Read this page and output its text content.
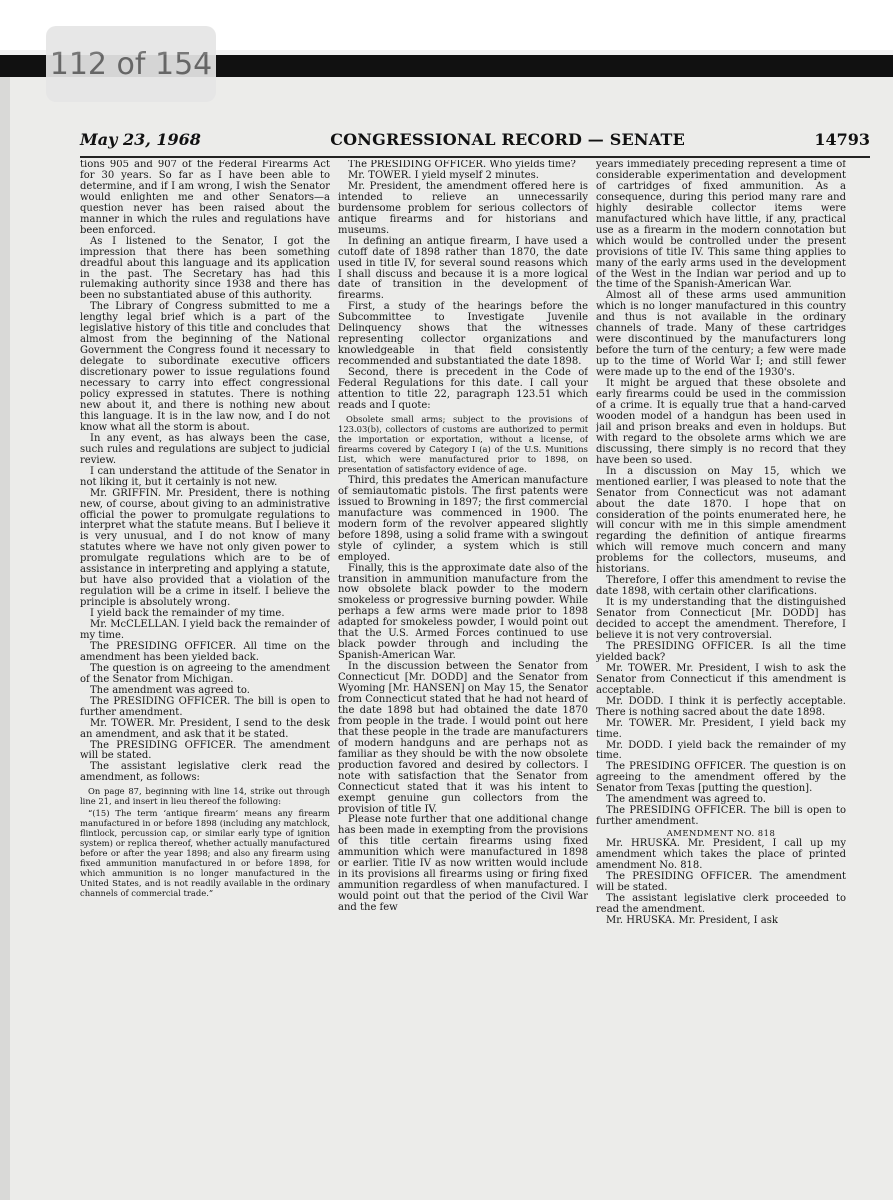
112 of 154
May 23, 1968	CONGRESSIONAL RECORD — SENATE	14793

tions 905 and 907 of the Federal Firearms Act for 30 years. So far as I have been able to determine, and if I am wrong, I wish the Senator would enlighten me and other Senators—a question never has been raised about the manner in which the rules and regulations have been enforced.

As I listened to the Senator, I got the impression that there has been something dreadful about this language and its application in the past. The Secretary has had this rulemaking authority since 1938 and there has been no substantiated abuse of this authority.

The Library of Congress submitted to me a lengthy legal brief which is a part of the legislative history of this title and concludes that almost from the beginning of the National Government the Congress found it necessary to delegate to subordinate executive officers discretionary power to issue regulations found necessary to carry into effect congressional policy expressed in statutes. There is nothing new about it, and there is nothing new about this language. It is in the law now, and I do not know what all the storm is about.

In any event, as has always been the case, such rules and regulations are subject to judicial review.

I can understand the attitude of the Senator in not liking it, but it certainly is not new.

Mr. GRIFFIN. Mr. President, there is nothing new, of course, about giving to an administrative official the power to promulgate regulations to interpret what the statute means. But I believe it is very unusual, and I do not know of many statutes where we have not only given power to promulgate regulations which are to be of assistance in interpreting and applying a statute, but have also provided that a violation of the regulation will be a crime in itself. I believe the principle is absolutely wrong.

I yield back the remainder of my time.

Mr. McCLELLAN. I yield back the remainder of my time.

The PRESIDING OFFICER. All time on the amendment has been yielded back.

The question is on agreeing to the amendment of the Senator from Michigan.

The amendment was agreed to.

The PRESIDING OFFICER. The bill is open to further amendment.

Mr. TOWER. Mr. President, I send to the desk an amendment, and ask that it be stated.

The PRESIDING OFFICER. The amendment will be stated.

The assistant legislative clerk read the amendment, as follows:

On page 87, beginning with line 14, strike out through line 21, and insert in lieu thereof the following:

“(15) The term ‘antique firearm’ means any firearm manufactured in or before 1898 (including any matchlock, flintlock, percussion cap, or similar early type of ignition system) or replica thereof, whether actually manufactured before or after the year 1898; and also any firearm using fixed ammunition manufactured in or before 1898, for which ammunition is no longer manufactured in the United States, and is not readily available in the ordinary channels of commercial trade.”

The PRESIDING OFFICER. Who yields time?

Mr. TOWER. I yield myself 2 minutes.

Mr. President, the amendment offered here is intended to relieve an unnecessarily burdensome problem for serious collectors of antique firearms and for historians and museums.

In defining an antique firearm, I have used a cutoff date of 1898 rather than 1870, the date used in title IV, for several sound reasons which I shall discuss and because it is a more logical date of transition in the development of firearms.

First, a study of the hearings before the Subcommittee to Investigate Juvenile Delinquency shows that the witnesses representing collector organizations and knowledgeable in that field consistently recommended and substantiated the date 1898.

Second, there is precedent in the Code of Federal Regulations for this date. I call your attention to title 22, paragraph 123.51 which reads and I quote:

Obsolete small arms; subject to the provisions of 123.03(b), collectors of customs are authorized to permit the importation or exportation, without a license, of firearms covered by Category I (a) of the U.S. Munitions List, which were manufactured prior to 1898, on presentation of satisfactory evidence of age.

Third, this predates the American manufacture of semiautomatic pistols. The first patents were issued to Browning in 1897; the first commercial manufacture was commenced in 1900. The modern form of the revolver appeared slightly before 1898, using a solid frame with a swingout style of cylinder, a system which is still employed.

Finally, this is the approximate date also of the transition in ammunition manufacture from the now obsolete black powder to the modern smokeless or progressive burning powder. While perhaps a few arms were made prior to 1898 adapted for smokeless powder, I would point out that the U.S. Armed Forces continued to use black powder through and including the Spanish-American War.

In the discussion between the Senator from Connecticut [Mr. DODD] and the Senator from Wyoming [Mr. HANSEN] on May 15, the Senator from Connecticut stated that he had not heard of the date 1898 but had obtained the date 1870 from people in the trade. I would point out here that these people in the trade are manufacturers of modern handguns and are perhaps not as familiar as they should be with the now obsolete production favored and desired by collectors. I note with satisfaction that the Senator from Connecticut stated that it was his intent to exempt genuine gun collectors from the provision of title IV.

Please note further that one additional change has been made in exempting from the provisions of this title certain firearms using fixed ammunition which were manufactured in 1898 or earlier. Title IV as now written would include in its provisions all firearms using or firing fixed ammunition regardless of when manufactured. I would point out that the period of the Civil War and the few

years immediately preceding represent a time of considerable experimentation and development of cartridges of fixed ammunition. As a consequence, during this period many rare and highly desirable collector items were manufactured which have little, if any, practical use as a firearm in the modern connotation but which would be controlled under the present provisions of title IV. This same thing applies to many of the early arms used in the development of the West in the Indian war period and up to the time of the Spanish-American War.

Almost all of these arms used ammunition which is no longer manufactured in this country and thus is not available in the ordinary channels of trade. Many of these cartridges were discontinued by the manufacturers long before the turn of the century; a few were made up to the time of World War I; and still fewer were made up to the end of the 1930's.

It might be argued that these obsolete and early firearms could be used in the commission of a crime. It is equally true that a hand-carved wooden model of a handgun has been used in jail and prison breaks and even in holdups. But with regard to the obsolete arms which we are discussing, there simply is no record that they have been so used.

In a discussion on May 15, which we mentioned earlier, I was pleased to note that the Senator from Connecticut was not adamant about the date 1870. I hope that on consideration of the points enumerated here, he will concur with me in this simple amendment regarding the definition of antique firearms which will remove much concern and many problems for the collectors, museums, and historians.

Therefore, I offer this amendment to revise the date 1898, with certain other clarifications.

It is my understanding that the distinguished Senator from Connecticut [Mr. DODD] has decided to accept the amendment. Therefore, I believe it is not very controversial.

The PRESIDING OFFICER. Is all the time yielded back?

Mr. TOWER. Mr. President, I wish to ask the Senator from Connecticut if this amendment is acceptable.

Mr. DODD. I think it is perfectly acceptable. There is nothing sacred about the date 1898.

Mr. TOWER. Mr. President, I yield back my time.

Mr. DODD. I yield back the remainder of my time.

The PRESIDING OFFICER. The question is on agreeing to the amendment offered by the Senator from Texas [putting the question].

The amendment was agreed to.

The PRESIDING OFFICER. The bill is open to further amendment.

AMENDMENT NO. 818

Mr. HRUSKA. Mr. President, I call up my amendment which takes the place of printed amendment No. 818.

The PRESIDING OFFICER. The amendment will be stated.

The assistant legislative clerk proceeded to read the amendment.

Mr. HRUSKA. Mr. President, I ask
